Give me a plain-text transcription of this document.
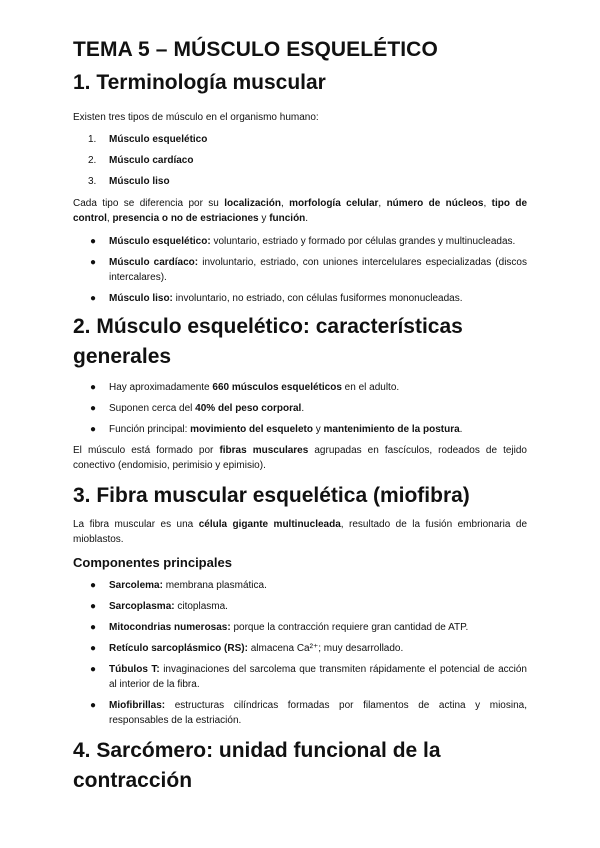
TEMA 5 – MÚSCULO ESQUELÉTICO
1. Terminología muscular

Existen tres tipos de músculo en el organismo humano:

1. Músculo esquelético
2. Músculo cardíaco
3. Músculo liso

Cada tipo se diferencia por su localización, morfología celular, número de núcleos, tipo de control, presencia o no de estriaciones y función.

● Músculo esquelético: voluntario, estriado y formado por células grandes y multinucleadas.
● Músculo cardíaco: involuntario, estriado, con uniones intercelulares especializadas (discos intercalares).
● Músculo liso: involuntario, no estriado, con células fusiformes mononucleadas.
2. Músculo esquelético: características
generales
● Hay aproximadamente 660 músculos esqueléticos en el adulto.
● Suponen cerca del 40% del peso corporal.
● Función principal: movimiento del esqueleto y mantenimiento de la postura.

El músculo está formado por fibras musculares agrupadas en fascículos, rodeados de tejido conectivo (endomisio, perimisio y epimisio).

3. Fibra muscular esquelética (miofibra)

La fibra muscular es una célula gigante multinucleada, resultado de la fusión embrionaria de mioblastos.

Componentes principales
● Sarcolema: membrana plasmática.
● Sarcoplasma: citoplasma.
● Mitocondrias numerosas: porque la contracción requiere gran cantidad de ATP.
● Retículo sarcoplásmico (RS): almacena Ca²⁺; muy desarrollado.
● Túbulos T: invaginaciones del sarcolema que transmiten rápidamente el potencial de acción al interior de la fibra.
● Miofibrillas: estructuras cilíndricas formadas por filamentos de actina y miosina, responsables de la estriación.
4. Sarcómero: unidad funcional de la
contracción
